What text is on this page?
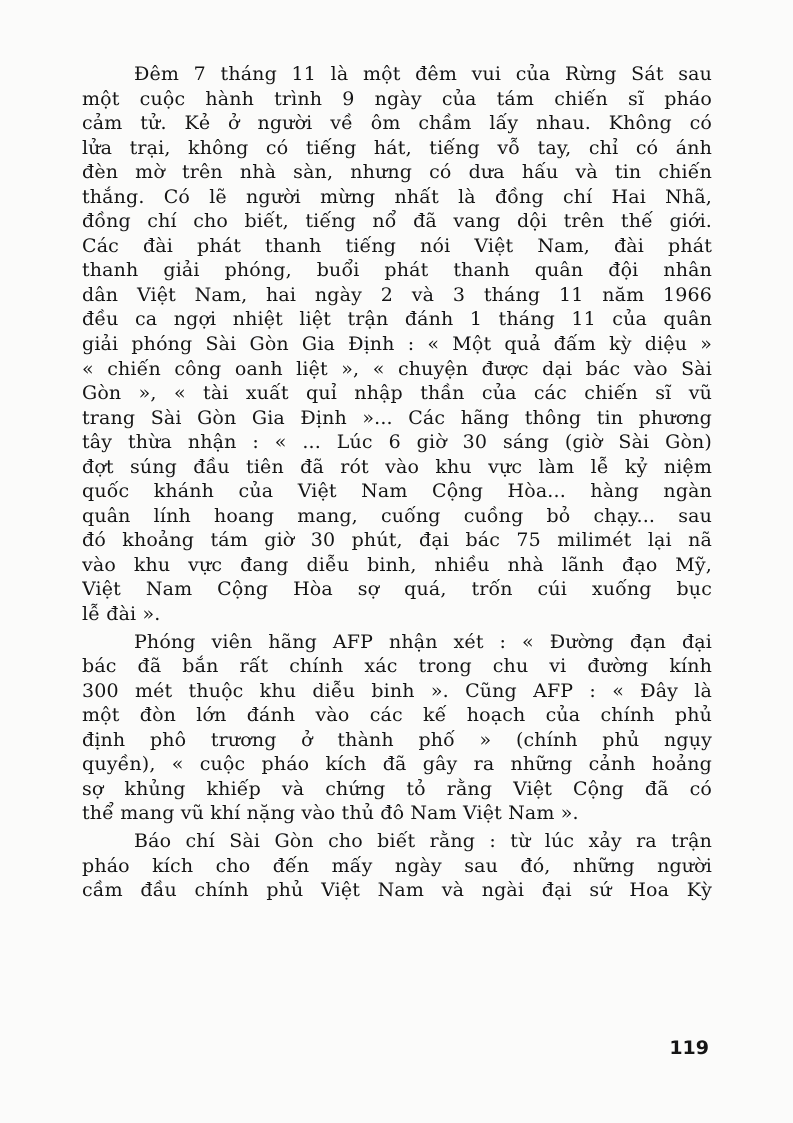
Đêm 7 tháng 11 là một đêm vui của Rừng Sát sau
một cuộc hành trình 9 ngày của tám chiến sĩ pháo
cảm tử. Kẻ ở người về ôm chầm lấy nhau. Không có
lửa trại, không có tiếng hát, tiếng vỗ tay, chỉ có ánh
đèn mờ trên nhà sàn, nhưng có dưa hấu và tin chiến
thắng. Có lẽ người mừng nhất là đồng chí Hai Nhã,
đồng chí cho biết, tiếng nổ đã vang dội trên thế giới.
Các đài phát thanh tiếng nói Việt Nam, đài phát
thanh giải phóng, buổi phát thanh quân đội nhân
dân Việt Nam, hai ngày 2 và 3 tháng 11 năm 1966
đều ca ngợi nhiệt liệt trận đánh 1 tháng 11 của quân
giải phóng Sài Gòn Gia Định : « Một quả đấm kỳ diệu »
« chiến công oanh liệt », « chuyện được dại bác vào Sài
Gòn », « tài xuất quỉ nhập thần của các chiến sĩ vũ
trang Sài Gòn Gia Định »... Các hãng thông tin phương
tây thừa nhận : « ... Lúc 6 giờ 30 sáng (giờ Sài Gòn)
đợt súng đầu tiên đã rót vào khu vực làm lễ kỷ niệm
quốc khánh của Việt Nam Cộng Hòa... hàng ngàn
quân lính hoang mang, cuống cuồng bỏ chạy... sau
đó khoảng tám giờ 30 phút, đại bác 75 milimét lại nã
vào khu vực đang diễu binh, nhiều nhà lãnh đạo Mỹ,
Việt Nam Cộng Hòa sợ quá, trốn cúi xuống bục
lễ đài ».
Phóng viên hãng AFP nhận xét : « Đường đạn đại
bác đã bắn rất chính xác trong chu vi đường kính
300 mét thuộc khu diễu binh ». Cũng AFP : « Đây là
một đòn lớn đánh vào các kế hoạch của chính phủ
định phô trương ở thành phố » (chính phủ ngụy
quyền), « cuộc pháo kích đã gây ra những cảnh hoảng
sợ khủng khiếp và chứng tỏ rằng Việt Cộng đã có
thể mang vũ khí nặng vào thủ đô Nam Việt Nam ».
Báo chí Sài Gòn cho biết rằng : từ lúc xảy ra trận
pháo kích cho đến mấy ngày sau đó, những người
cầm đầu chính phủ Việt Nam và ngài đại sứ Hoa Kỳ
119
